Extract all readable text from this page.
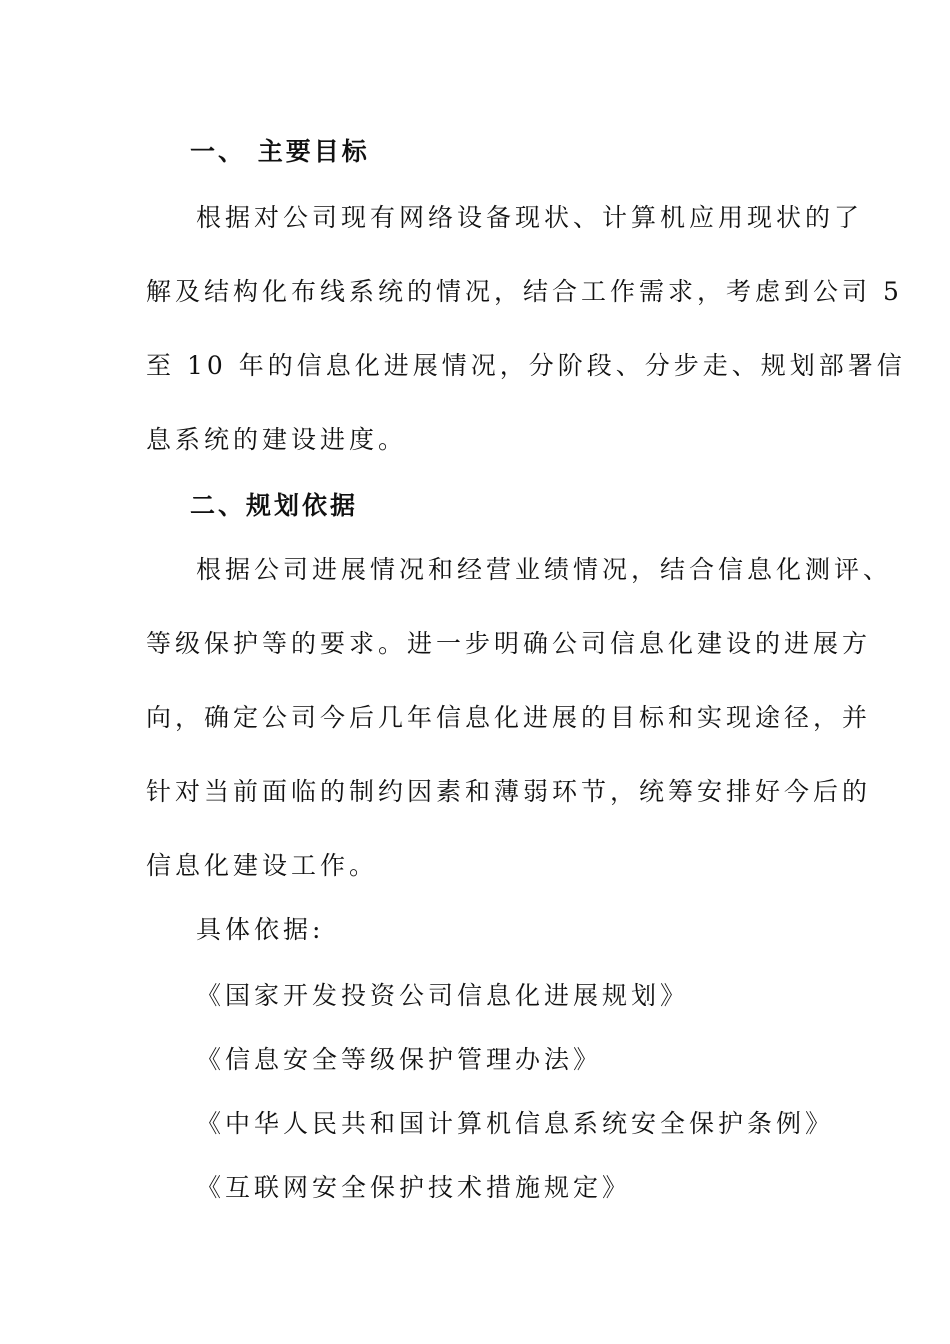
一、 主要目标
根据对公司现有网络设备现状、计算机应用现状的了
解及结构化布线系统的情况，结合工作需求，考虑到公司 5
至 10 年的信息化进展情况，分阶段、分步走、规划部署信
息系统的建设进度。
二、规划依据
根据公司进展情况和经营业绩情况，结合信息化测评、
等级保护等的要求。进一步明确公司信息化建设的进展方
向，确定公司今后几年信息化进展的目标和实现途径，并
针对当前面临的制约因素和薄弱环节，统筹安排好今后的
信息化建设工作。
具体依据:
《国家开发投资公司信息化进展规划》
《信息安全等级保护管理办法》
《中华人民共和国计算机信息系统安全保护条例》
《互联网安全保护技术措施规定》
